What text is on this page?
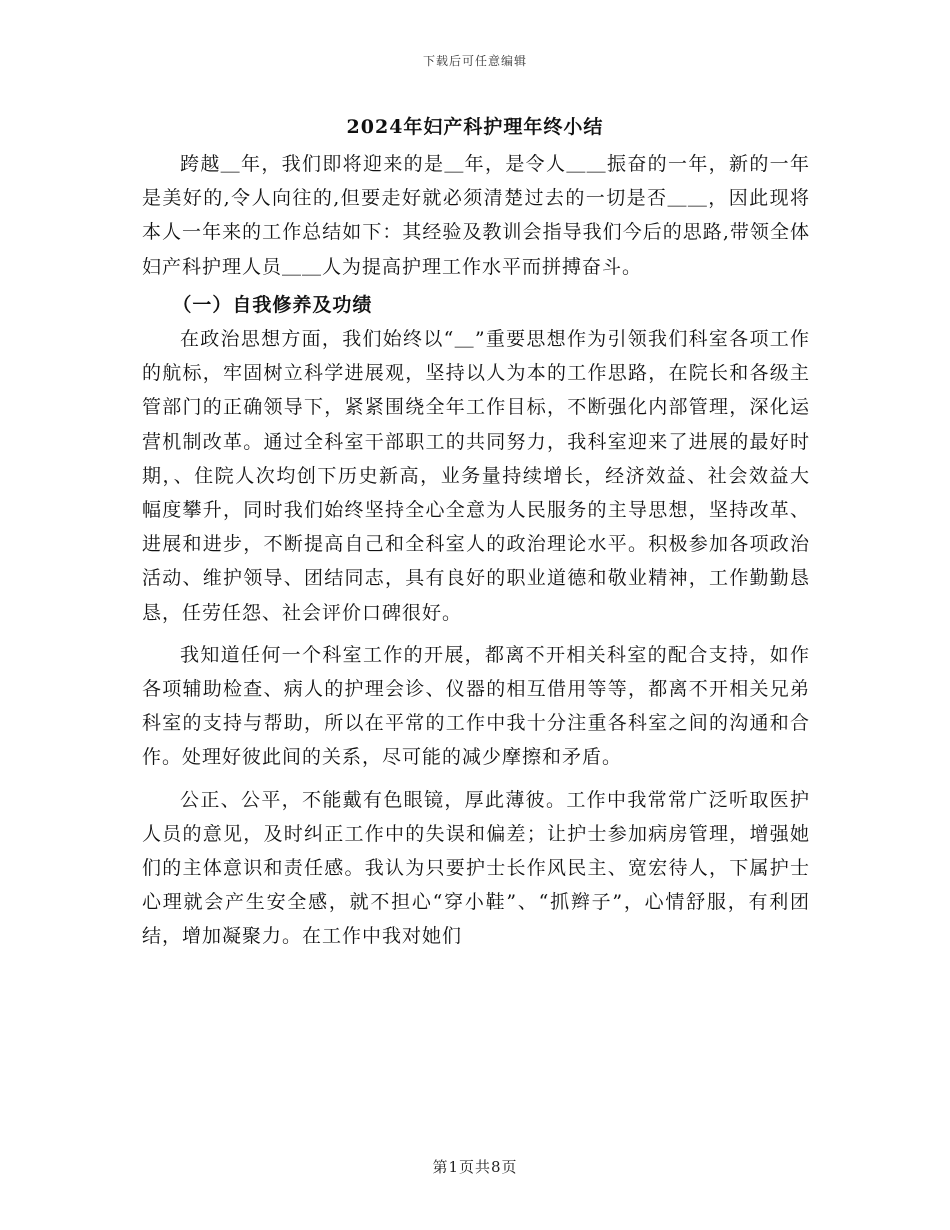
下载后可任意编辑
2024年妇产科护理年终小结

跨越＿年，我们即将迎来的是＿年，是令人＿＿振奋的一年，新的一年是美好的,令人向往的,但要走好就必须清楚过去的一切是否＿＿，因此现将本人一年来的工作总结如下：其经验及教训会指导我们今后的思路,带领全体妇产科护理人员＿＿人为提高护理工作水平而拼搏奋斗。

（一）自我修养及功绩

在政治思想方面，我们始终以“＿”重要思想作为引领我们科室各项工作的航标，牢固树立科学进展观，坚持以人为本的工作思路，在院长和各级主管部门的正确领导下，紧紧围绕全年工作目标，不断强化内部管理，深化运营机制改革。通过全科室干部职工的共同努力，我科室迎来了进展的最好时期，、住院人次均创下历史新高，业务量持续增长，经济效益、社会效益大幅度攀升，同时我们始终坚持全心全意为人民服务的主导思想，坚持改革、进展和进步，不断提高自己和全科室人的政治理论水平。积极参加各项政治活动、维护领导、团结同志，具有良好的职业道德和敬业精神，工作勤勤恳恳，任劳任怨、社会评价口碑很好。

我知道任何一个科室工作的开展，都离不开相关科室的配合支持，如作各项辅助检查、病人的护理会诊、仪器的相互借用等等，都离不开相关兄弟科室的支持与帮助，所以在平常的工作中我十分注重各科室之间的沟通和合作。处理好彼此间的关系，尽可能的减少摩擦和矛盾。

公正、公平，不能戴有色眼镜，厚此薄彼。工作中我常常广泛听取医护人员的意见，及时纠正工作中的失误和偏差；让护士参加病房管理，增强她们的主体意识和责任感。我认为只要护士长作风民主、宽宏待人，下属护士心理就会产生安全感，就不担心“穿小鞋”、“抓辫子”，心情舒服，有利团结，增加凝聚力。在工作中我对她们

第1页共8页
